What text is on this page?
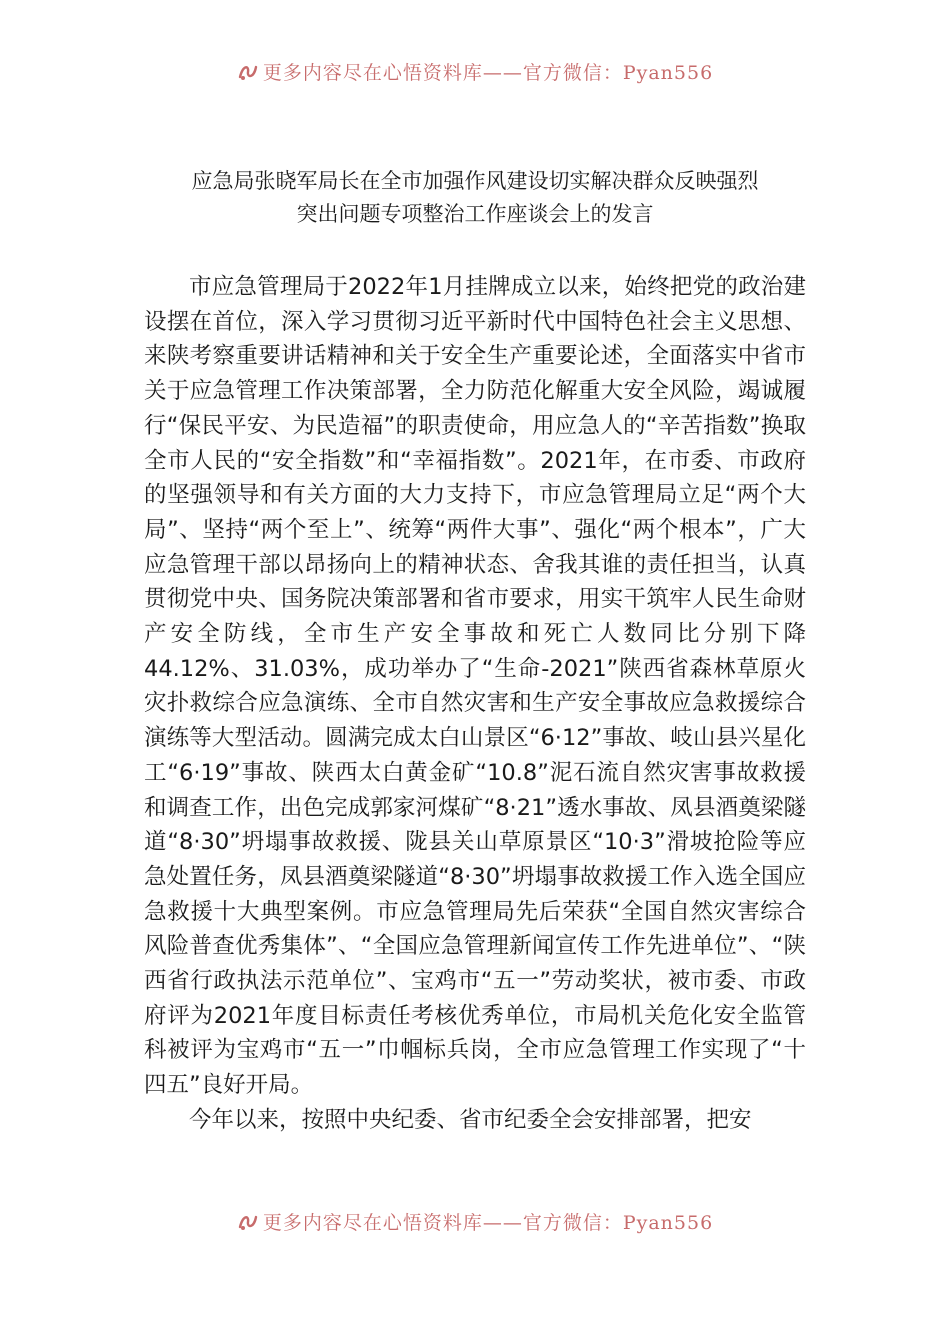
更多内容尽在心悟资料库——官方微信：Pyan556

应急局张晓军局长在全市加强作风建设切实解决群众反映强烈

突出问题专项整治工作座谈会上的发言

市应急管理局于2022年1月挂牌成立以来，始终把党的政治建设摆在首位，深入学习贯彻习近平新时代中国特色社会主义思想、来陕考察重要讲话精神和关于安全生产重要论述，全面落实中省市关于应急管理工作决策部署，全力防范化解重大安全风险，竭诚履行“保民平安、为民造福”的职责使命，用应急人的“辛苦指数”换取全市人民的“安全指数”和“幸福指数”。2021年，在市委、市政府的坚强领导和有关方面的大力支持下，市应急管理局立足“两个大局”、坚持“两个至上”、统筹“两件大事”、强化“两个根本”，广大应急管理干部以昂扬向上的精神状态、舍我其谁的责任担当，认真贯彻党中央、国务院决策部署和省市要求，用实干筑牢人民生命财产安全防线，全市生产安全事故和死亡人数同比分别下降44.12%、31.03%，成功举办了“生命-2021”陕西省森林草原火灾扑救综合应急演练、全市自然灾害和生产安全事故应急救援综合演练等大型活动。圆满完成太白山景区“6·12”事故、岐山县兴星化工“6·19”事故、陕西太白黄金矿“10.8”泥石流自然灾害事故救援和调查工作，出色完成郭家河煤矿“8·21”透水事故、凤县酒奠梁隧道“8·30”坍塌事故救援、陇县关山草原景区“10·3”滑坡抢险等应急处置任务，凤县酒奠梁隧道“8·30”坍塌事故救援工作入选全国应急救援十大典型案例。市应急管理局先后荣获“全国自然灾害综合风险普查优秀集体”、“全国应急管理新闻宣传工作先进单位”、“陕西省行政执法示范单位”、宝鸡市“五一”劳动奖状，被市委、市政府评为2021年度目标责任考核优秀单位，市局机关危化安全监管科被评为宝鸡市“五一”巾帼标兵岗，全市应急管理工作实现了“十四五”良好开局。

今年以来，按照中央纪委、省市纪委全会安排部署，把安

更多内容尽在心悟资料库——官方微信：Pyan556
